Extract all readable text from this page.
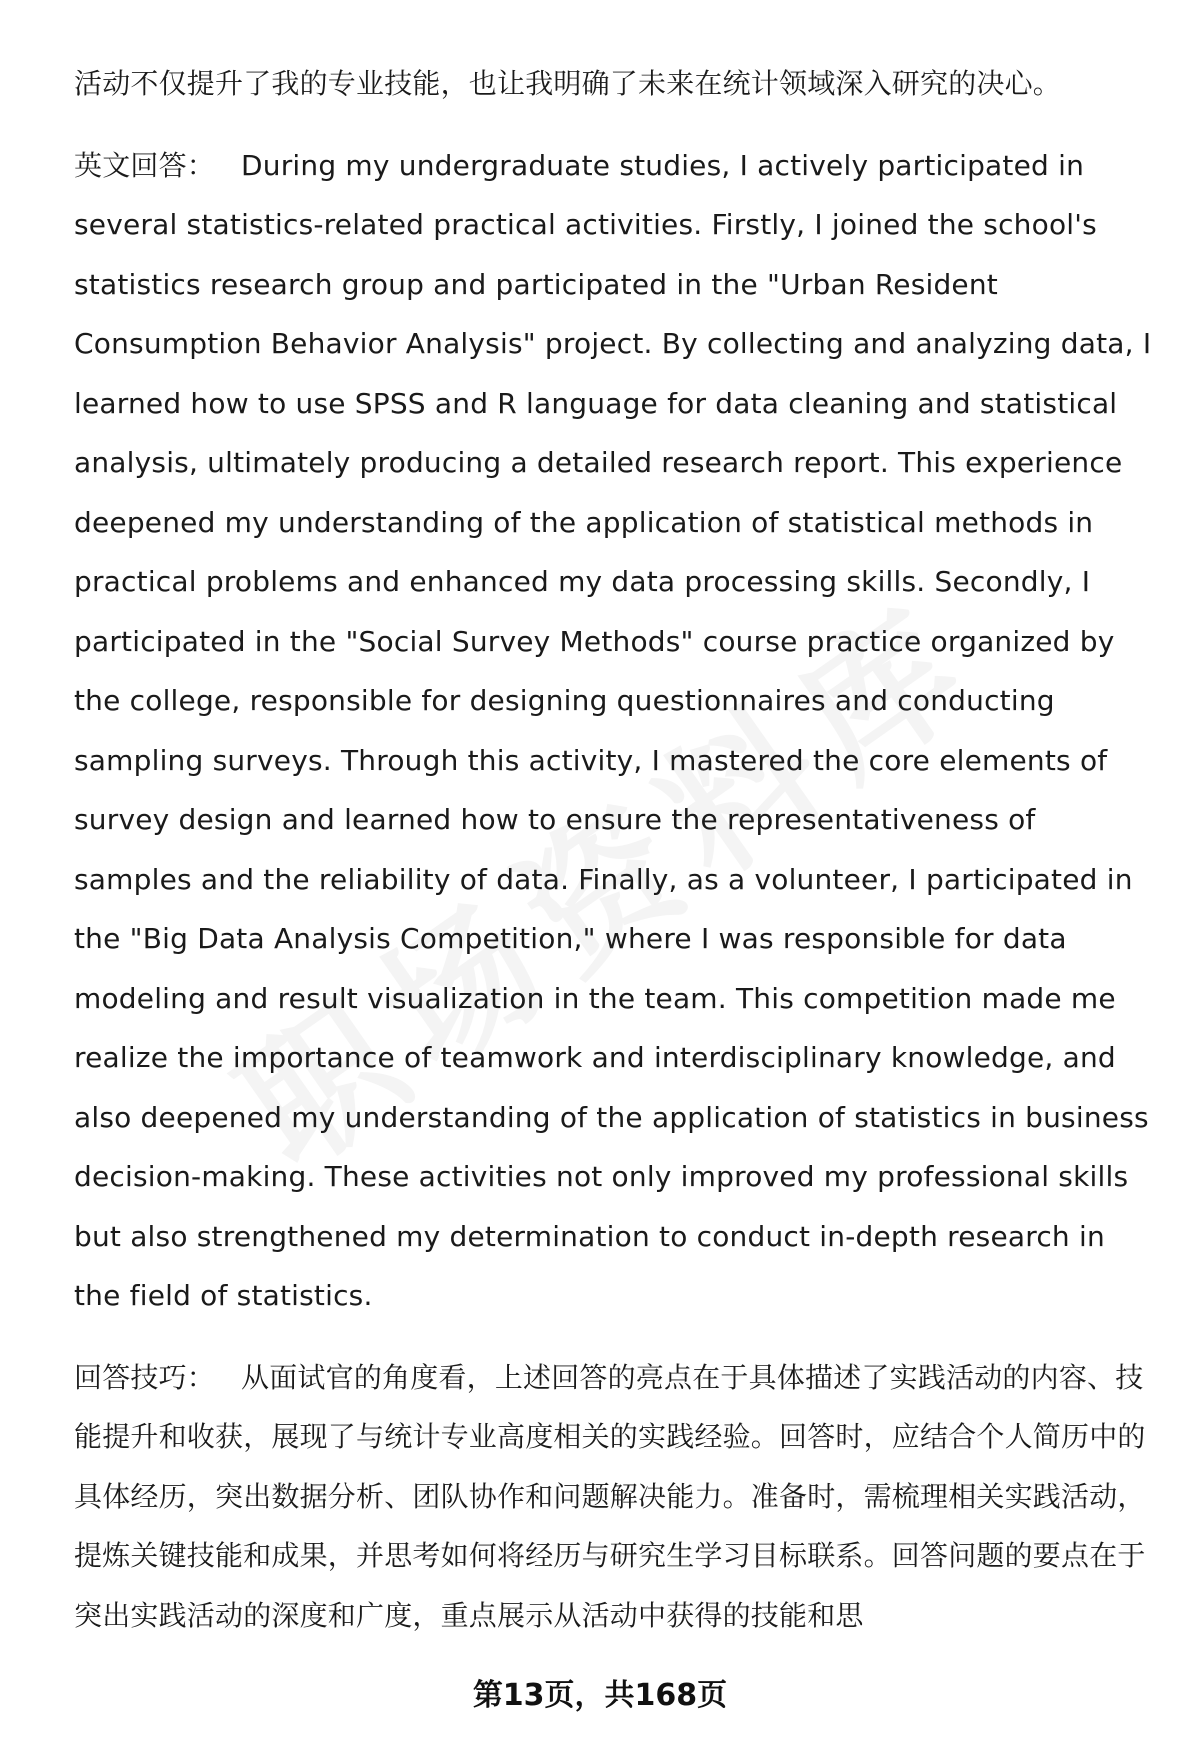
活动不仅提升了我的专业技能，也让我明确了未来在统计领域深入研究的决心。

英文回答： During my undergraduate studies, I actively participated in several statistics-related practical activities. Firstly, I joined the school's statistics research group and participated in the "Urban Resident Consumption Behavior Analysis" project. By collecting and analyzing data, I learned how to use SPSS and R language for data cleaning and statistical analysis, ultimately producing a detailed research report. This experience deepened my understanding of the application of statistical methods in practical problems and enhanced my data processing skills. Secondly, I participated in the "Social Survey Methods" course practice organized by the college, responsible for designing questionnaires and conducting sampling surveys. Through this activity, I mastered the core elements of survey design and learned how to ensure the representativeness of samples and the reliability of data. Finally, as a volunteer, I participated in the "Big Data Analysis Competition," where I was responsible for data modeling and result visualization in the team. This competition made me realize the importance of teamwork and interdisciplinary knowledge, and also deepened my understanding of the application of statistics in business decision-making. These activities not only improved my professional skills but also strengthened my determination to conduct in-depth research in the field of statistics.

回答技巧： 从面试官的角度看，上述回答的亮点在于具体描述了实践活动的内容、技能提升和收获，展现了与统计专业高度相关的实践经验。回答时，应结合个人简历中的具体经历，突出数据分析、团队协作和问题解决能力。准备时，需梳理相关实践活动，提炼关键技能和成果，并思考如何将经历与研究生学习目标联系。回答问题的要点在于突出实践活动的深度和广度，重点展示从活动中获得的技能和思

第13页，共168页
